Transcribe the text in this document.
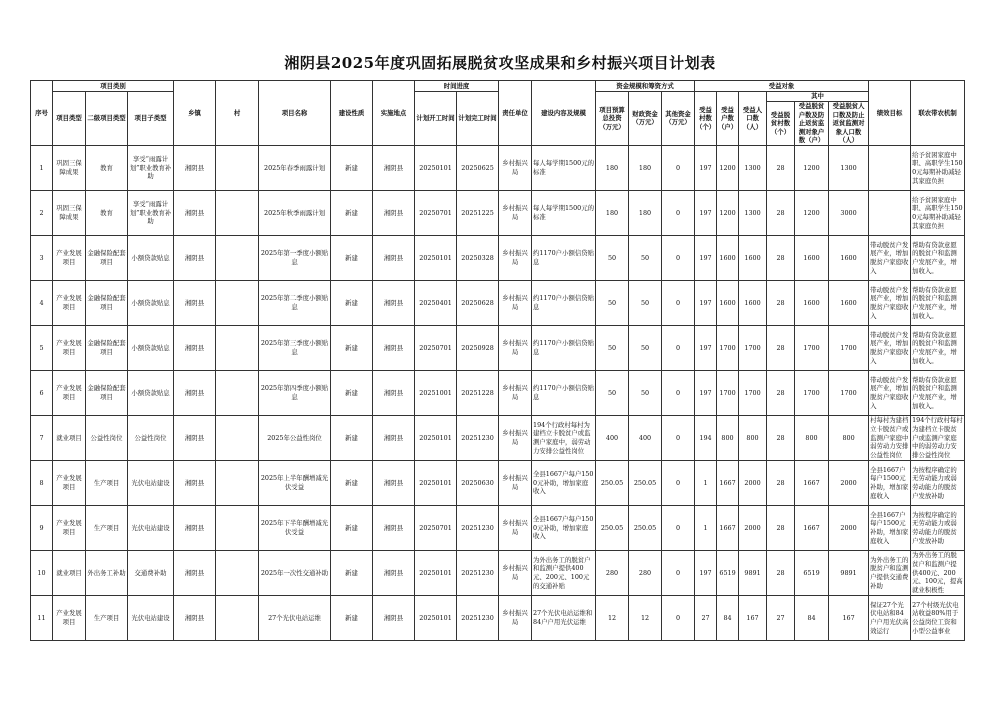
湘阴县2025年度巩固拓展脱贫攻坚成果和乡村振兴项目计划表
序号	项目类别			乡镇	村	项目名称	建设性质	实施地点	时间进度		责任单位	建设内容及规模	资金规模和筹资方式			受益对象						绩效目标	联农带农机制
	项目类型	二级项目类型	项目子类型						计划开工时间	计划完工时间			项目预算总投资（万元）	财政资金（万元）	其他资金（万元）	受益村数（个）	受益户数（户）	受益人口数（人）	其中				
																			受益脱贫村数（个）	受益脱贫户数及防止返贫监测对象户数（户）	受益脱贫人口数及防止返贫监测对象人口数（人）		

1	巩固三保障成果	教育	享受“雨露计划”职业教育补助	湘阴县		2025年春季雨露计划	新建	湘阴县	20250101	20250625	乡村振兴局	每人每学期1500元的标准	180	180	0	197	1200	1300	28	1200	1300		给予贫困家庭中职、高职学生1500元每期补助减轻其家庭负担

2	巩固三保障成果	教育	享受“雨露计划”职业教育补助	湘阴县		2025年秋季雨露计划	新建	湘阴县	20250701	20251225	乡村振兴局	每人每学期1500元的标准	180	180	0	197	1200	1300	28	1200	3000		给予贫困家庭中职、高职学生1500元每期补助减轻其家庭负担

3	产业发展项目	金融保险配套项目	小额贷款贴息	湘阴县		2025年第一季度小额贴息	新建	湘阴县	20250101	20250328	乡村振兴局	约1170户小额信贷贴息	50	50	0	197	1600	1600	28	1600	1600	带动脱贫户发展产业，增加脱贫户家庭收入	帮助有贷款意愿的脱贫户和监测户发展产业，增加收入。

4	产业发展项目	金融保险配套项目	小额贷款贴息	湘阴县		2025年第二季度小额贴息	新建	湘阴县	20250401	20250628	乡村振兴局	约1170户小额信贷贴息	50	50	0	197	1600	1600	28	1600	1600	带动脱贫户发展产业，增加脱贫户家庭收入	帮助有贷款意愿的脱贫户和监测户发展产业，增加收入。

5	产业发展项目	金融保险配套项目	小额贷款贴息	湘阴县		2025年第三季度小额贴息	新建	湘阴县	20250701	20250928	乡村振兴局	约1170户小额信贷贴息	50	50	0	197	1700	1700	28	1700	1700	带动脱贫户发展产业，增加脱贫户家庭收入	帮助有贷款意愿的脱贫户和监测户发展产业，增加收入。

6	产业发展项目	金融保险配套项目	小额贷款贴息	湘阴县		2025年第四季度小额贴息	新建	湘阴县	20251001	20251228	乡村振兴局	约1170户小额信贷贴息	50	50	0	197	1700	1700	28	1700	1700	带动脱贫户发展产业，增加脱贫户家庭收入	帮助有贷款意愿的脱贫户和监测户发展产业，增加收入。

7	就业项目	公益性岗位	公益性岗位	湘阴县		2025年公益性岗位	新建	湘阴县	20250101	20251230	乡村振兴局	194个行政村每村为建档立卡脱贫户或监测户家庭中，弱劳动力安排公益性岗位	400	400	0	194	800	800	28	800	800	村每村为建档立卡脱贫户或监测户家庭中弱劳动力安排公益性岗位	194个行政村每村为建档立卡脱贫户或监测户家庭中的弱劳动力安排公益性岗位

8	产业发展项目	生产项目	光伏电站建设	湘阴县		2025年上半年酬增减光伏受益	新建	湘阴县	20250101	20250630	乡村振兴局	全县1667户每户1500元补助，增加家庭收入	250.05	250.05	0	1	1667	2000	28	1667	2000	全县1667户每户1500元补助，增加家庭收入	为按程序确定的无劳动能力或弱劳动能力的脱贫户发放补助

9	产业发展项目	生产项目	光伏电站建设	湘阴县		2025年下半年酬增减光伏受益	新建	湘阴县	20250701	20251230	乡村振兴局	全县1667户每户1500元补助，增加家庭收入	250.05	250.05	0	1	1667	2000	28	1667	2000	全县1667户每户1500元补助，增加家庭收入	为按程序确定的无劳动能力或弱劳动能力的脱贫户发放补助

10	就业项目	外出务工补助	交通费补助	湘阴县		2025年一次性交通补助	新建	湘阴县	20250101	20251230	乡村振兴局	为外出务工的脱贫户和监测户提供400元、200元、100元的交通补贴	280	280	0	197	6519	9891	28	6519	9891	为外出务工的脱贫户和监测户提供交通费补助	为外出务工的脱贫户和监测户提供400元、200元、100元，提高就业积极性

11	产业发展项目	生产项目	光伏电站建设	湘阴县		27个光伏电站运维	新建	湘阴县	20250101	20251230	乡村振兴局	27个光伏电站运维和84户户用光伏运维	12	12	0	27	84	167	27	84	167	保证27个光伏电站和84户户用光伏高效运行	27个村级光伏电站收益80%用于公益岗位工资和小型公益事业
